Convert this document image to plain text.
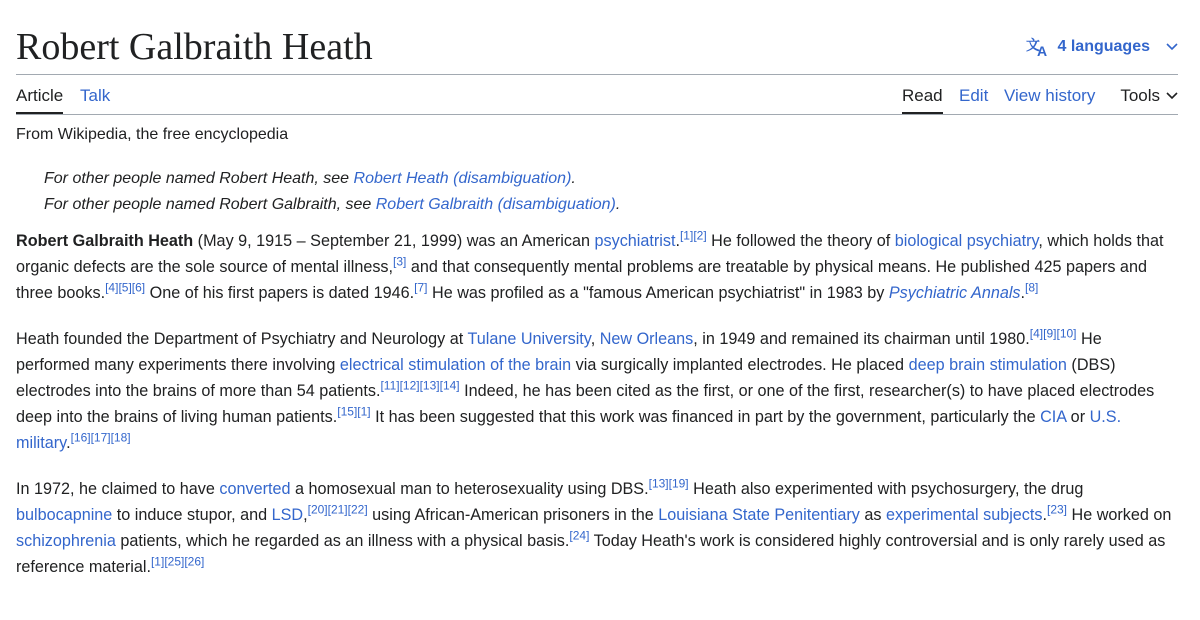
Robert Galbraith Heath	文
A 4 languages
Article Talk	Read Edit View history Tools
From Wikipedia, the free encyclopedia
For other people named Robert Heath, see Robert Heath (disambiguation).
For other people named Robert Galbraith, see Robert Galbraith (disambiguation).

Robert Galbraith Heath (May 9, 1915 – September 21, 1999) was an American psychiatrist.[1][2] He followed the theory of biological psychiatry, which holds that organic defects are the sole source of mental illness,[3] and that consequently mental problems are treatable by physical means. He published 425 papers and three books.[4][5][6] One of his first papers is dated 1946.[7] He was profiled as a "famous American psychiatrist" in 1983 by Psychiatric Annals.[8]

Heath founded the Department of Psychiatry and Neurology at Tulane University, New Orleans, in 1949 and remained its chairman until 1980.[4][9][10] He performed many experiments there involving electrical stimulation of the brain via surgically implanted electrodes. He placed deep brain stimulation (DBS) electrodes into the brains of more than 54 patients.[11][12][13][14] Indeed, he has been cited as the first, or one of the first, researcher(s) to have placed electrodes deep into the brains of living human patients.[15][1] It has been suggested that this work was financed in part by the government, particularly the CIA or U.S. military.[16][17][18]

In 1972, he claimed to have converted a homosexual man to heterosexuality using DBS.[13][19] Heath also experimented with psychosurgery, the drug bulbocapnine to induce stupor, and LSD,[20][21][22] using African-American prisoners in the Louisiana State Penitentiary as experimental subjects.[23] He worked on schizophrenia patients, which he regarded as an illness with a physical basis.[24] Today Heath's work is considered highly controversial and is only rarely used as reference material.[1][25][26]
